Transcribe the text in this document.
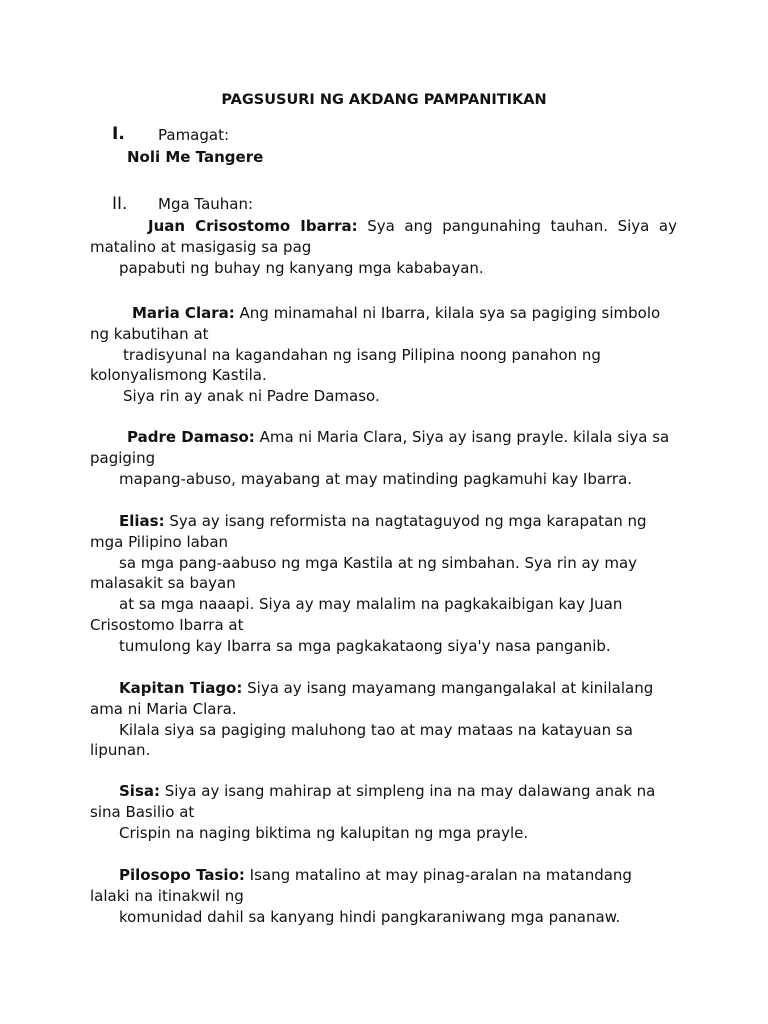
PAGSUSURI NG AKDANG PAMPANITIKAN
I. Pamagat:
Noli Me Tangere
II. Mga Tauhan:
Juan Crisostomo Ibarra: Sya ang pangunahing tauhan. Siya ay
matalino at masigasig sa pag
papabuti ng buhay ng kanyang mga kababayan.
Maria Clara: Ang minamahal ni Ibarra, kilala sya sa pagiging simbolo
ng kabutihan at
tradisyunal na kagandahan ng isang Pilipina noong panahon ng
kolonyalismong Kastila.
Siya rin ay anak ni Padre Damaso.
Padre Damaso: Ama ni Maria Clara, Siya ay isang prayle. kilala siya sa
pagiging
mapang-abuso, mayabang at may matinding pagkamuhi kay Ibarra.
Elias: Sya ay isang reformista na nagtataguyod ng mga karapatan ng
mga Pilipino laban
sa mga pang-aabuso ng mga Kastila at ng simbahan. Sya rin ay may
malasakit sa bayan
at sa mga naaapi. Siya ay may malalim na pagkakaibigan kay Juan
Crisostomo Ibarra at
tumulong kay Ibarra sa mga pagkakataong siya'y nasa panganib.
Kapitan Tiago: Siya ay isang mayamang mangangalakal at kinilalang
ama ni Maria Clara.
Kilala siya sa pagiging maluhong tao at may mataas na katayuan sa
lipunan.
Sisa: Siya ay isang mahirap at simpleng ina na may dalawang anak na
sina Basilio at
Crispin na naging biktima ng kalupitan ng mga prayle.
Pilosopo Tasio: Isang matalino at may pinag-aralan na matandang
lalaki na itinakwil ng
komunidad dahil sa kanyang hindi pangkaraniwang mga pananaw.
